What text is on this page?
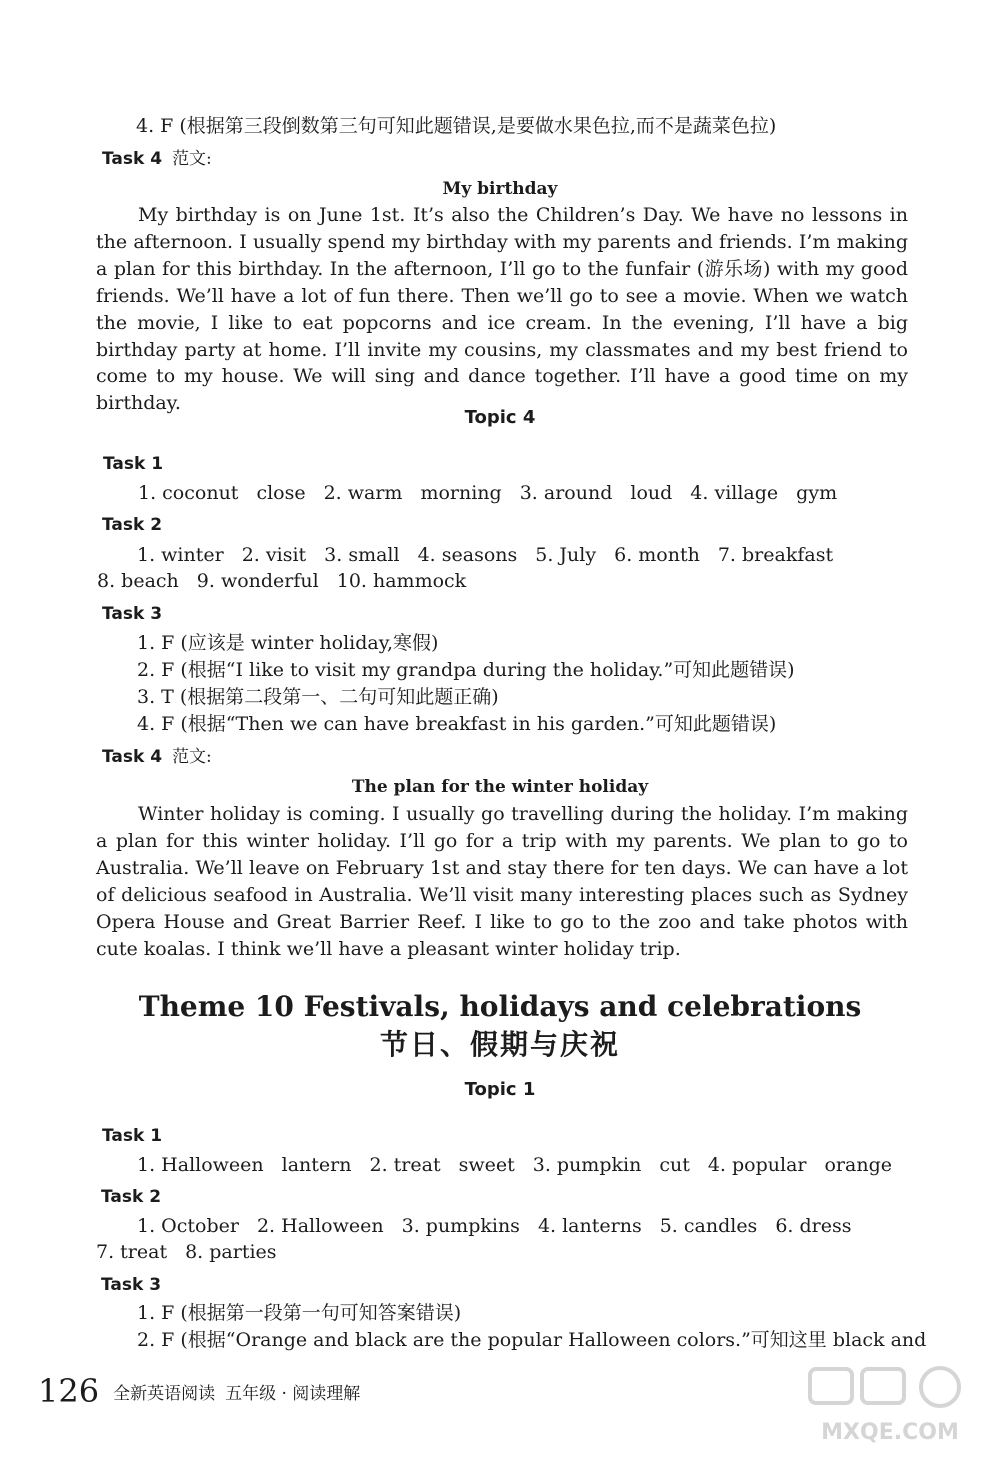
4. F (根据第三段倒数第三句可知此题错误,是要做水果色拉,而不是蔬菜色拉)
Task 4 范文:
My birthday

My birthday is on June 1st. It’s also the Children’s Day. We have no lessons in the afternoon. I usually spend my birthday with my parents and friends. I’m making a plan for this birthday. In the afternoon, I’ll go to the funfair (游乐场) with my good friends. We’ll have a lot of fun there. Then we’ll go to see a movie. When we watch the movie, I like to eat popcorns and ice cream. In the evening, I’ll have a big birthday party at home. I’ll invite my cousins, my classmates and my best friend to come to my house. We will sing and dance together. I’ll have a good time on my birthday.

Topic 4
Task 1
1. coconut close 2. warm morning 3. around loud 4. village gym
Task 2
1. winter 2. visit 3. small 4. seasons 5. July 6. month 7. breakfast
8. beach 9. wonderful 10. hammock
Task 3
1. F (应该是 winter holiday,寒假)
2. F (根据“I like to visit my grandpa during the holiday.”可知此题错误)
3. T (根据第二段第一、二句可知此题正确)
4. F (根据“Then we can have breakfast in his garden.”可知此题错误)
Task 4 范文:
The plan for the winter holiday

Winter holiday is coming. I usually go travelling during the holiday. I’m making a plan for this winter holiday. I’ll go for a trip with my parents. We plan to go to Australia. We’ll leave on February 1st and stay there for ten days. We can have a lot of delicious seafood in Australia. We’ll visit many interesting places such as Sydney Opera House and Great Barrier Reef. I like to go to the zoo and take photos with cute koalas. I think we’ll have a pleasant winter holiday trip.

Theme 10 Festivals, holidays and celebrations
节日、假期与庆祝
Topic 1
Task 1
1. Halloween lantern 2. treat sweet 3. pumpkin cut 4. popular orange
Task 2
1. October 2. Halloween 3. pumpkins 4. lanterns 5. candles 6. dress
7. treat 8. parties
Task 3
1. F (根据第一段第一句可知答案错误)
2. F (根据“Orange and black are the popular Halloween colors.”可知这里 black and
126 全新英语阅读 五年级 · 阅读理解
MXQE.COM
